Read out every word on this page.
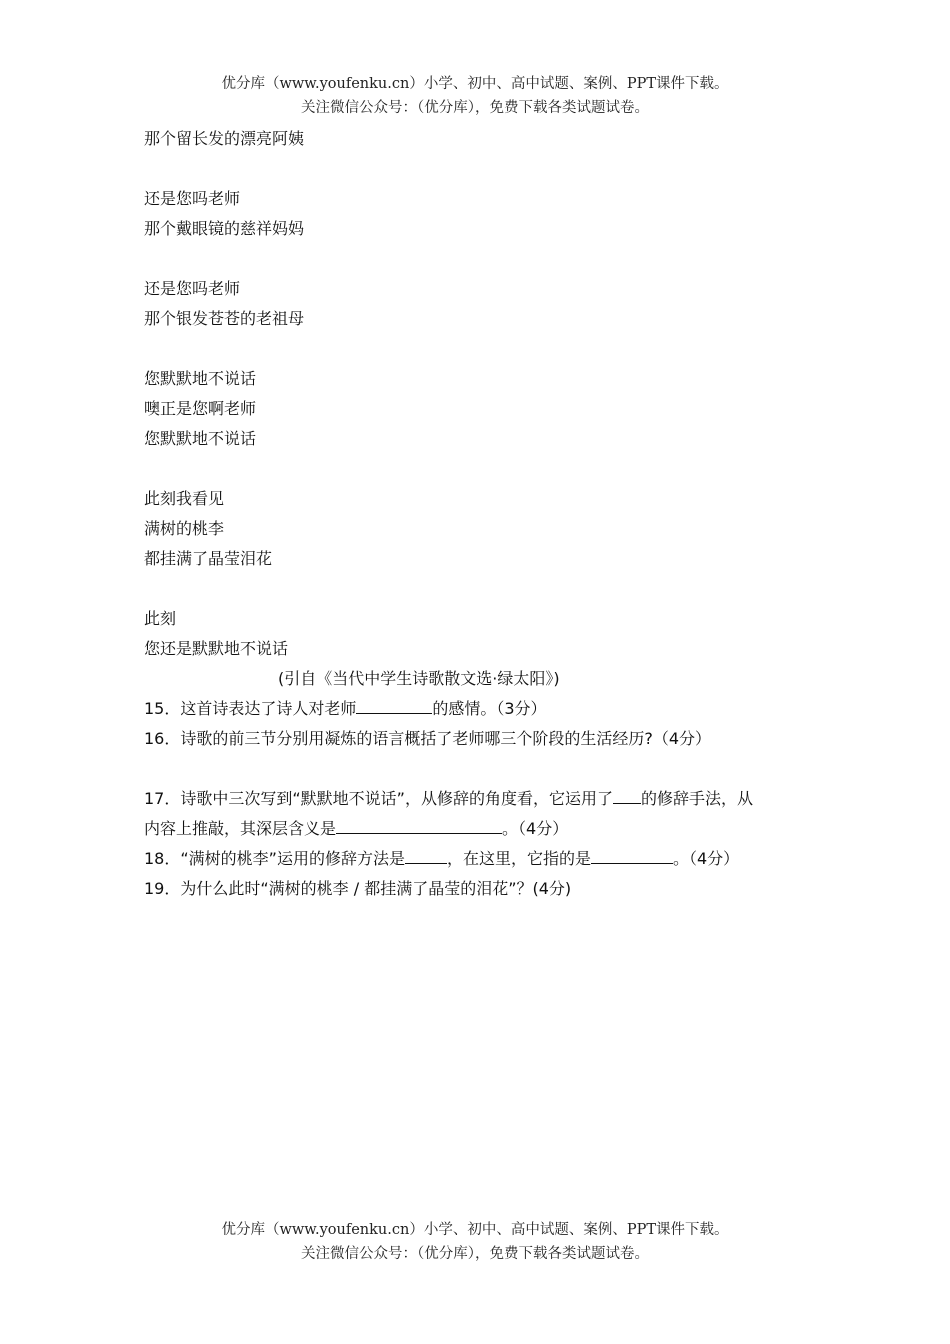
优分库（www.youfenku.cn）小学、初中、高中试题、案例、PPT课件下载。
关注微信公众号：（优分库），免费下载各类试题试卷。
那个留长发的漂亮阿姨
还是您吗老师
那个戴眼镜的慈祥妈妈
还是您吗老师
那个银发苍苍的老祖母
您默默地不说话
噢正是您啊老师
您默默地不说话
此刻我看见
满树的桃李
都挂满了晶莹泪花
此刻
您还是默默地不说话
(引自《当代中学生诗歌散文选·绿太阳》)
15．这首诗表达了诗人对老师	的感情。（3分）
16．诗歌的前三节分别用凝炼的语言概括了老师哪三个阶段的生活经历?（4分）
17．诗歌中三次写到“默默地不说话”，从修辞的角度看，它运用了 的修辞手法，从
内容上推敲，其深层含义是	。（4分）
18．“满树的桃李”运用的修辞方法是	，在这里，它指的是	。（4分）
19．为什么此时“满树的桃李 / 都挂满了晶莹的泪花”？(4分)
优分库（www.youfenku.cn）小学、初中、高中试题、案例、PPT课件下载。
关注微信公众号：（优分库），免费下载各类试题试卷。
